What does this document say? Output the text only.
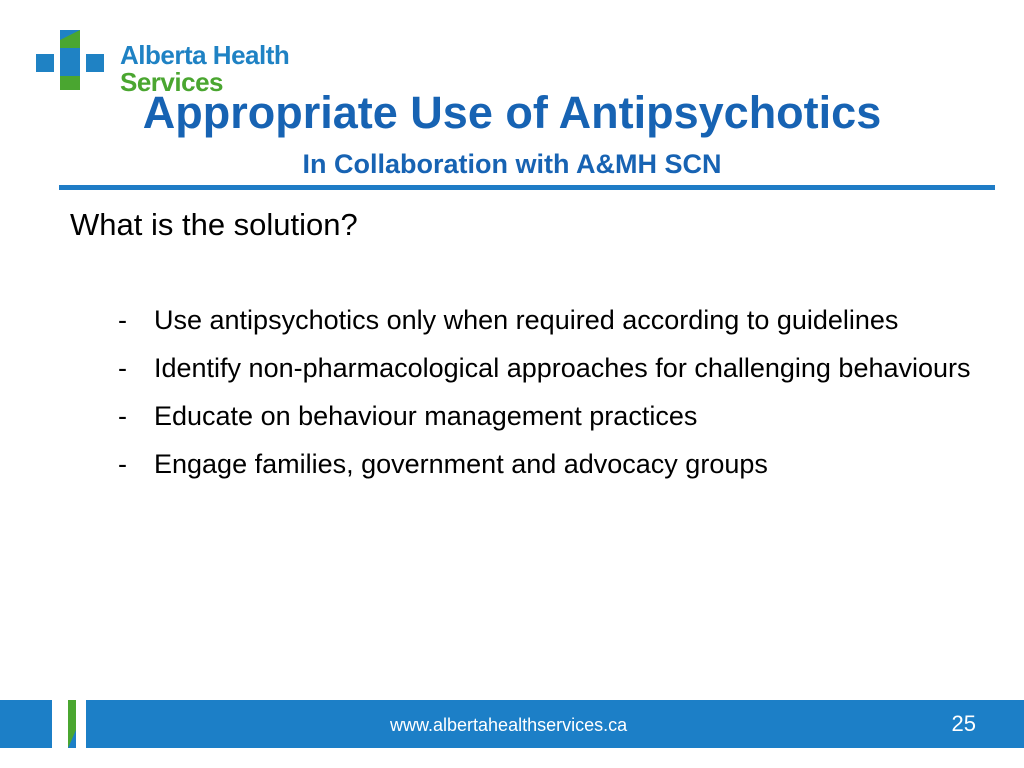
Alberta Health
Services
Appropriate Use of Antipsychotics
In Collaboration with A&MH SCN
What is the solution?
- Use antipsychotics only when required according to guidelines
- Identify non-pharmacological approaches for challenging behaviours
- Educate on behaviour management practices
- Engage families, government and advocacy groups
www.albertahealthservices.ca	25
